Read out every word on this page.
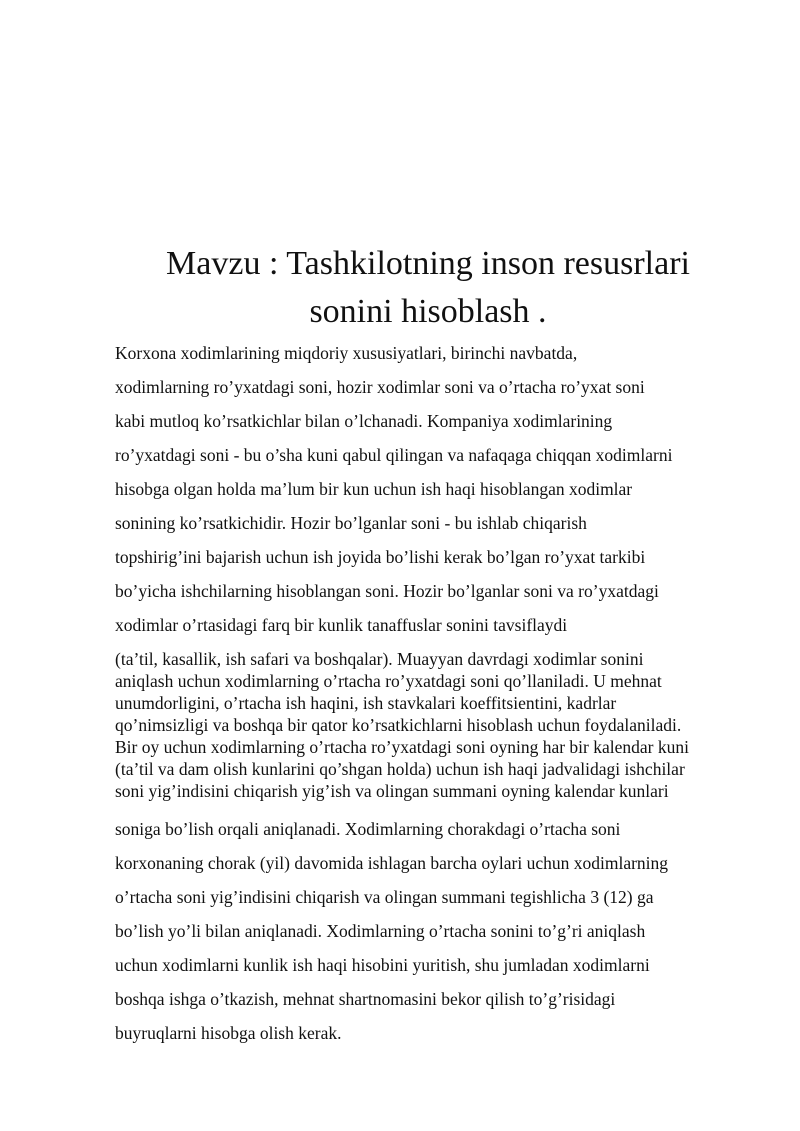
Mavzu : Tashkilotning inson resusrlari
sonini hisoblash .
Korxona xodimlarining miqdoriy xususiyatlari, birinchi navbatda,
xodimlarning ro’yxatdagi soni, hozir xodimlar soni va o’rtacha ro’yxat soni
kabi mutloq ko’rsatkichlar bilan o’lchanadi. Kompaniya xodimlarining
ro’yxatdagi soni - bu o’sha kuni qabul qilingan va nafaqaga chiqqan xodimlarni
hisobga olgan holda ma’lum bir kun uchun ish haqi hisoblangan xodimlar
sonining ko’rsatkichidir. Hozir bo’lganlar soni - bu ishlab chiqarish
topshirig’ini bajarish uchun ish joyida bo’lishi kerak bo’lgan ro’yxat tarkibi
bo’yicha ishchilarning hisoblangan soni. Hozir bo’lganlar soni va ro’yxatdagi
xodimlar o’rtasidagi farq bir kunlik tanaffuslar sonini tavsiflaydi
(ta’til, kasallik, ish safari va boshqalar). Muayyan davrdagi xodimlar sonini
aniqlash uchun xodimlarning o’rtacha ro’yxatdagi soni qo’llaniladi. U mehnat
unumdorligini, o’rtacha ish haqini, ish stavkalari koeffitsientini, kadrlar
qo’nimsizligi va boshqa bir qator ko’rsatkichlarni hisoblash uchun foydalaniladi.
Bir oy uchun xodimlarning o’rtacha ro’yxatdagi soni oyning har bir kalendar kuni
(ta’til va dam olish kunlarini qo’shgan holda) uchun ish haqi jadvalidagi ishchilar
soni yig’indisini chiqarish yig’ish va olingan summani oyning kalendar kunlari
soniga bo’lish orqali aniqlanadi. Xodimlarning chorakdagi o’rtacha soni
korxonaning chorak (yil) davomida ishlagan barcha oylari uchun xodimlarning
o’rtacha soni yig’indisini chiqarish va olingan summani tegishlicha 3 (12) ga
bo’lish yo’li bilan aniqlanadi. Xodimlarning o’rtacha sonini to’g’ri aniqlash
uchun xodimlarni kunlik ish haqi hisobini yuritish, shu jumladan xodimlarni
boshqa ishga o’tkazish, mehnat shartnomasini bekor qilish to’g’risidagi
buyruqlarni hisobga olish kerak.
